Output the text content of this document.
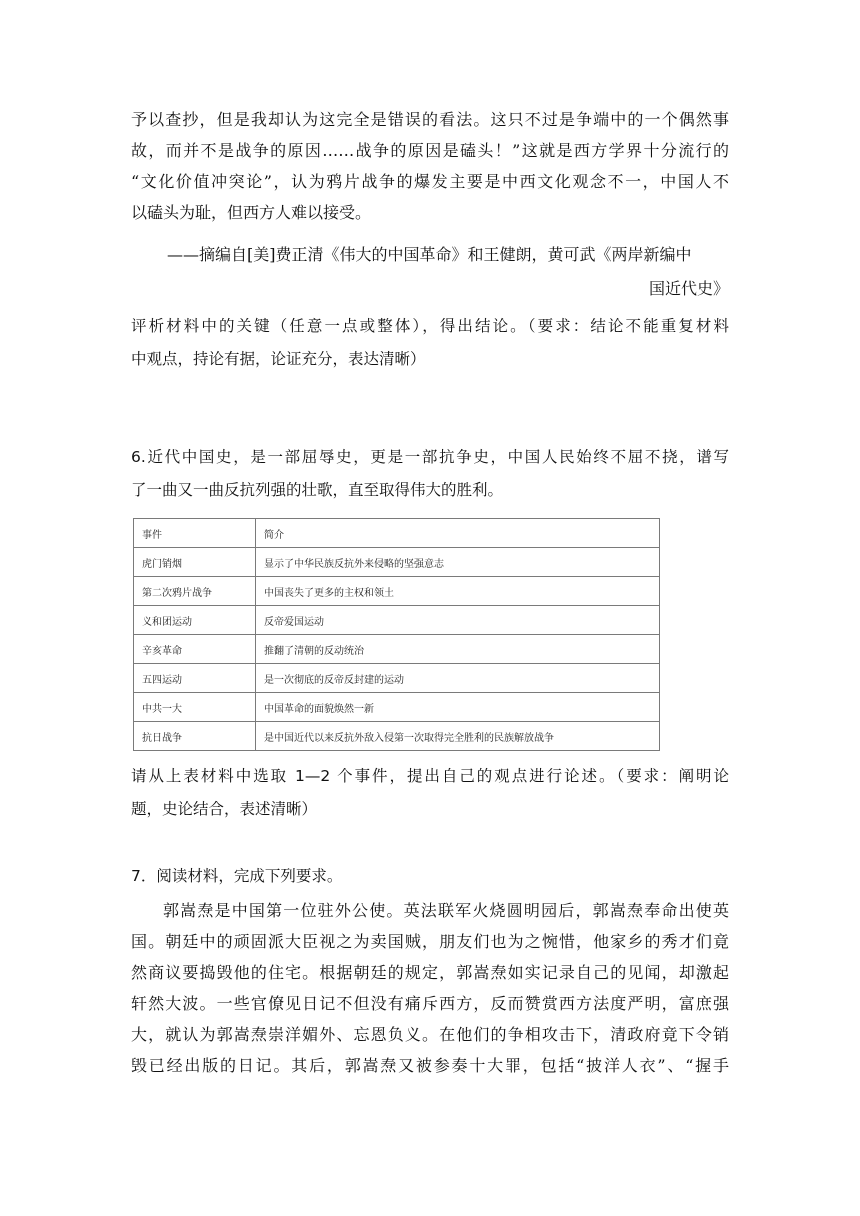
予以查抄，但是我却认为这完全是错误的看法。这只不过是争端中的一个偶然事
故，而并不是战争的原因……战争的原因是磕头！”这就是西方学界十分流行的
“文化价值冲突论”，认为鸦片战争的爆发主要是中西文化观念不一，中国人不
以磕头为耻，但西方人难以接受。
——摘编自[美]费正清《伟大的中国革命》和王健朗，黄可武《两岸新编中
国近代史》
评析材料中的关键（任意一点或整体），得出结论。（要求：结论不能重复材料
中观点，持论有据，论证充分，表达清晰）
6.近代中国史，是一部屈辱史，更是一部抗争史，中国人民始终不屈不挠，谱写
了一曲又一曲反抗列强的壮歌，直至取得伟大的胜利。
事件	简介
虎门销烟	显示了中华民族反抗外来侵略的坚强意志
第二次鸦片战争	中国丧失了更多的主权和领土
义和团运动	反帝爱国运动
辛亥革命	推翻了清朝的反动统治
五四运动	是一次彻底的反帝反封建的运动
中共一大	中国革命的面貌焕然一新
抗日战争	是中国近代以来反抗外敌入侵第一次取得完全胜利的民族解放战争
请从上表材料中选取 1—2 个事件，提出自己的观点进行论述。（要求：阐明论
题，史论结合，表述清晰）
7．阅读材料，完成下列要求。
郭嵩焘是中国第一位驻外公使。英法联军火烧圆明园后，郭嵩焘奉命出使英
国。朝廷中的顽固派大臣视之为卖国贼，朋友们也为之惋惜，他家乡的秀才们竟
然商议要捣毁他的住宅。根据朝廷的规定，郭嵩焘如实记录自己的见闻，却激起
轩然大波。一些官僚见日记不但没有痛斥西方，反而赞赏西方法度严明，富庶强
大，就认为郭嵩焘崇洋媚外、忘恩负义。在他们的争相攻击下，清政府竟下令销
毁已经出版的日记。其后，郭嵩焘又被参奏十大罪，包括“披洋人衣”、“握手
